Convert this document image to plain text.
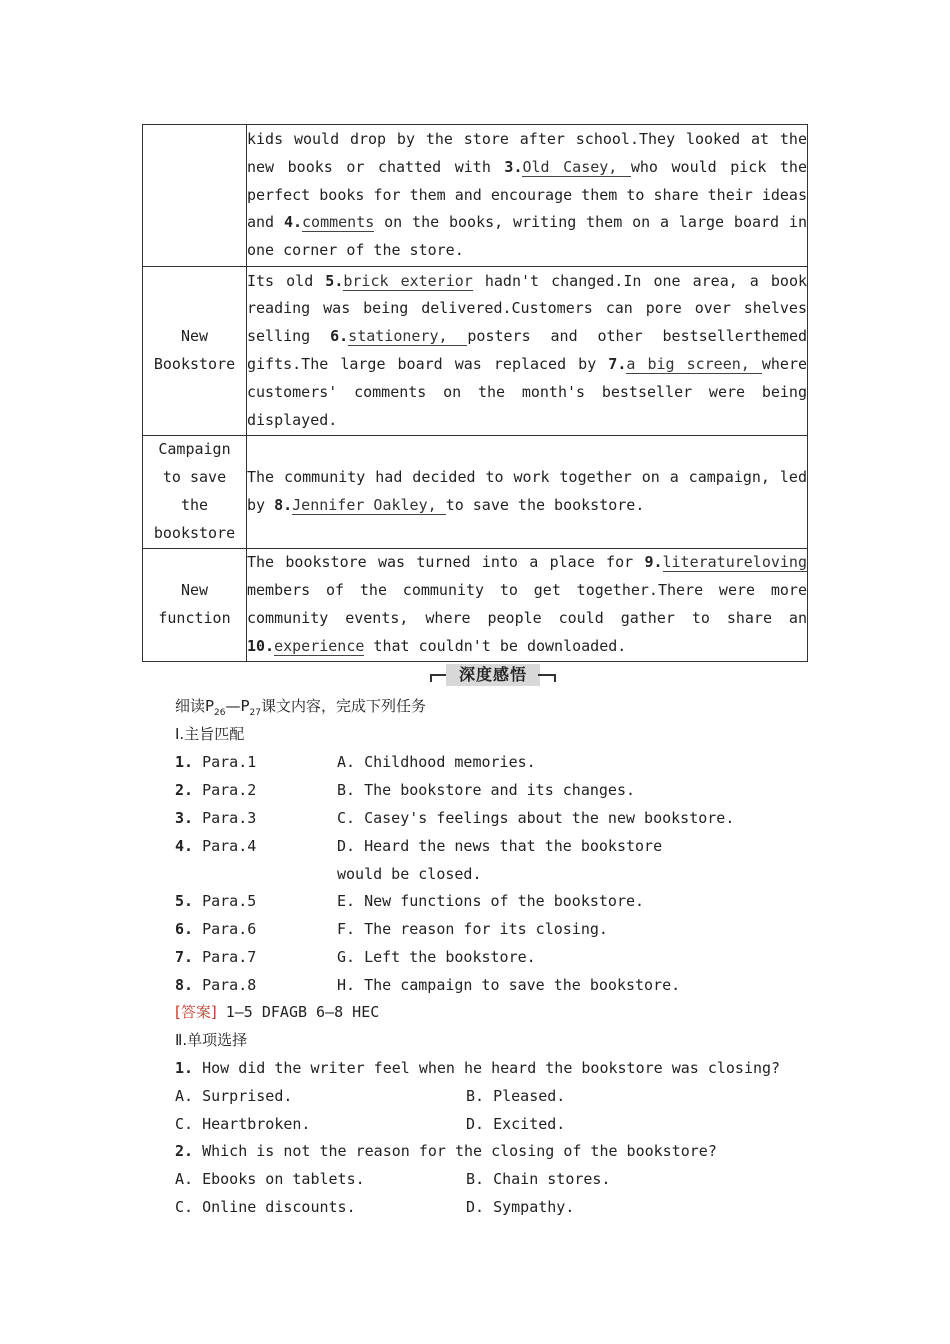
	kids would drop by the store after school.They looked at the new books or chatted with 3.Old Casey, who would pick the perfect books for them and encourage them to share their ideas and 4.comments on the books, writing them on a large board in one corner of the store.

New
Bookstore	Its old 5.brick exterior hadn't changed.In one area, a book reading was being delivered.Customers can pore over shelves selling 6.stationery, posters and other bestsellerthemed gifts.The large board was replaced by 7.a big screen, where customers' comments on the month's bestseller were being displayed.

Campaign
to save
the
bookstore	The community had decided to work together on a campaign, led by 8.Jennifer Oakley, to save the bookstore.

New
function	The bookstore was turned into a place for 9.literatureloving members of the community to get together.There were more community events, where people could gather to share an 10.experience that couldn't be downloaded.
深度感悟
细读$P_{26}—P_{27}$课文内容，完成下列任务
Ⅰ.主旨匹配
1. Para.1	A. Childhood memories.
2. Para.2	B. The bookstore and its changes.
3. Para.3	C. Casey's feelings about the new bookstore.
4. Para.4	D. Heard the news that the bookstore
would be closed.
5. Para.5	E. New functions of the bookstore.
6. Para.6	F. The reason for its closing.
7. Para.7	G. Left the bookstore.
8. Para.8	H. The campaign to save the bookstore.
[答案] 1—5 DFAGB 6—8 HEC
Ⅱ.单项选择
1. How did the writer feel when he heard the bookstore was closing?
A. Surprised.	B. Pleased.
C. Heartbroken.	D. Excited.
2. Which is not the reason for the closing of the bookstore?
A. Ebooks on tablets.	B. Chain stores.
C. Online discounts.	D. Sympathy.
